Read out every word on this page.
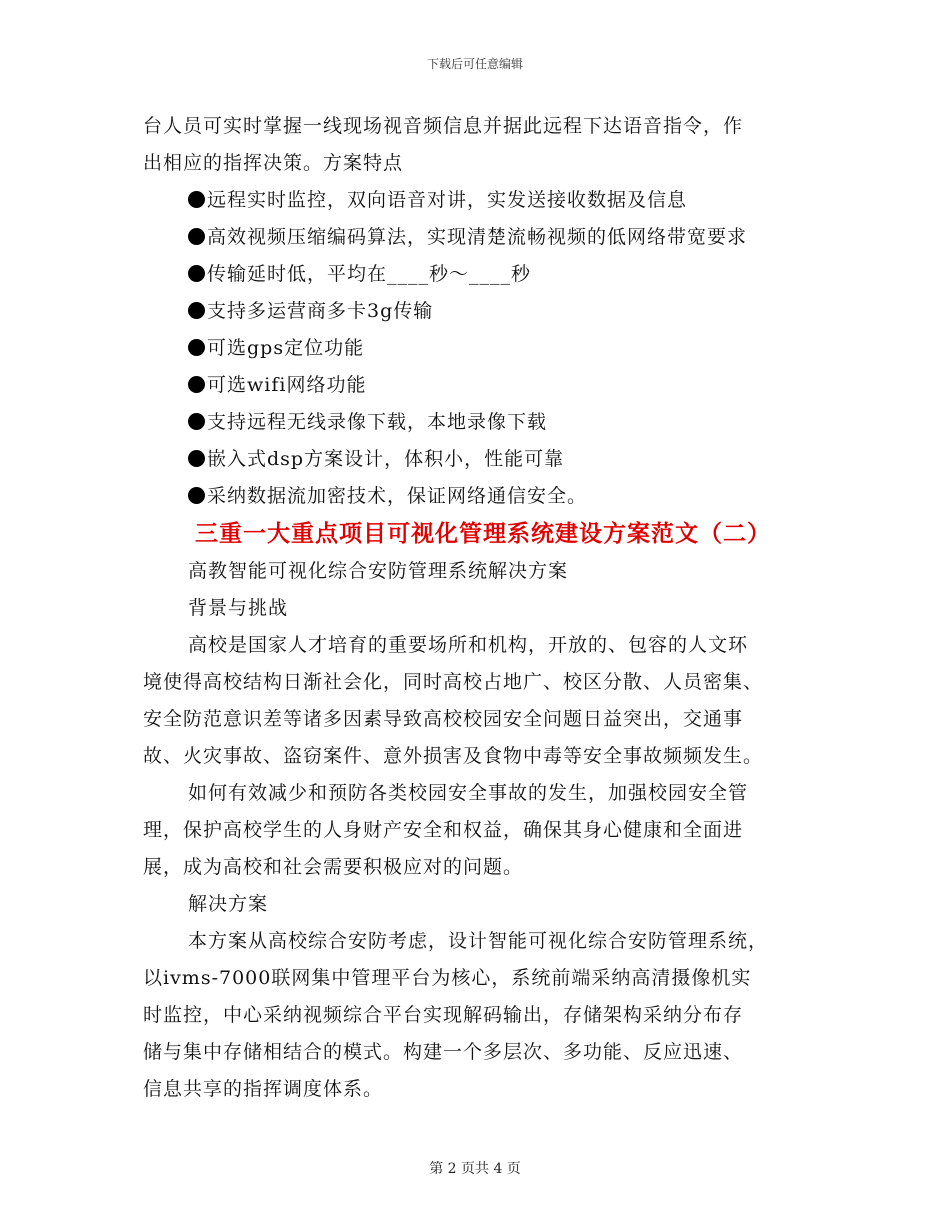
下载后可任意编辑
台人员可实时掌握一线现场视音频信息并据此远程下达语音指令，作
出相应的指挥决策。方案特点
远程实时监控，双向语音对讲，实发送接收数据及信息
高效视频压缩编码算法，实现清楚流畅视频的低网络带宽要求
传输延时低，平均在____秒～____秒
支持多运营商多卡3g传输
可选gps定位功能
可选wifi网络功能
支持远程无线录像下载，本地录像下载
嵌入式dsp方案设计，体积小，性能可靠
采纳数据流加密技术，保证网络通信安全。
三重一大重点项目可视化管理系统建设方案范文（二）
高教智能可视化综合安防管理系统解决方案
背景与挑战
高校是国家人才培育的重要场所和机构，开放的、包容的人文环
境使得高校结构日渐社会化，同时高校占地广、校区分散、人员密集、
安全防范意识差等诸多因素导致高校校园安全问题日益突出，交通事
故、火灾事故、盗窃案件、意外损害及食物中毒等安全事故频频发生。
如何有效减少和预防各类校园安全事故的发生，加强校园安全管
理，保护高校学生的人身财产安全和权益，确保其身心健康和全面进
展，成为高校和社会需要积极应对的问题。
解决方案
本方案从高校综合安防考虑，设计智能可视化综合安防管理系统，
以ivms-7000联网集中管理平台为核心，系统前端采纳高清摄像机实
时监控，中心采纳视频综合平台实现解码输出，存储架构采纳分布存
储与集中存储相结合的模式。构建一个多层次、多功能、反应迅速、
信息共享的指挥调度体系。
第 2 页共 4 页
